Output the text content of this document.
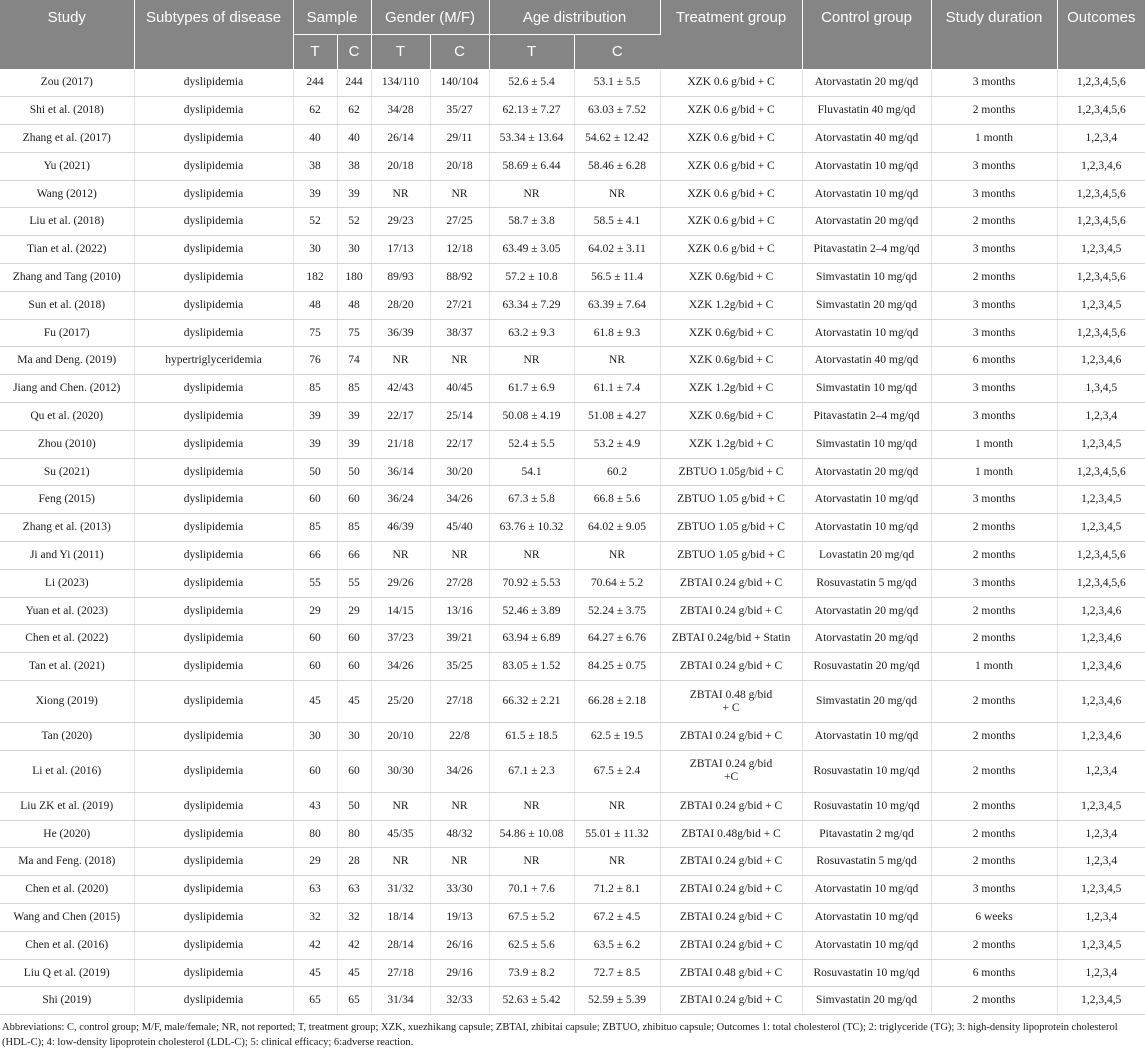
Study	Subtypes of disease	Sample		Gender (M/F)		Age distribution		Treatment group	Control group	Study duration	Outcomes
		T	C	T	C	T	C				
Zou (2017)	dyslipidemia	244	244	134/110	140/104	52.6 ± 5.4	53.1 ± 5.5	XZK 0.6 g/bid + C	Atorvastatin 20 mg/qd	3 months	1,2,3,4,5,6
Shi et al. (2018)	dyslipidemia	62	62	34/28	35/27	62.13 ± 7.27	63.03 ± 7.52	XZK 0.6 g/bid + C	Fluvastatin 40 mg/qd	2 months	1,2,3,4,5,6
Zhang et al. (2017)	dyslipidemia	40	40	26/14	29/11	53.34 ± 13.64	54.62 ± 12.42	XZK 0.6 g/bid + C	Atorvastatin 40 mg/qd	1 month	1,2,3,4
Yu (2021)	dyslipidemia	38	38	20/18	20/18	58.69 ± 6.44	58.46 ± 6.28	XZK 0.6 g/bid + C	Atorvastatin 10 mg/qd	3 months	1,2,3,4,6
Wang (2012)	dyslipidemia	39	39	NR	NR	NR	NR	XZK 0.6 g/bid + C	Atorvastatin 10 mg/qd	3 months	1,2,3,4,5,6
Liu et al. (2018)	dyslipidemia	52	52	29/23	27/25	58.7 ± 3.8	58.5 ± 4.1	XZK 0.6 g/bid + C	Atorvastatin 20 mg/qd	2 months	1,2,3,4,5,6
Tian et al. (2022)	dyslipidemia	30	30	17/13	12/18	63.49 ± 3.05	64.02 ± 3.11	XZK 0.6 g/bid + C	Pitavastatin 2–4 mg/qd	3 months	1,2,3,4,5
Zhang and Tang (2010)	dyslipidemia	182	180	89/93	88/92	57.2 ± 10.8	56.5 ± 11.4	XZK 0.6g/bid + C	Simvastatin 10 mg/qd	2 months	1,2,3,4,5,6
Sun et al. (2018)	dyslipidemia	48	48	28/20	27/21	63.34 ± 7.29	63.39 ± 7.64	XZK 1.2g/bid + C	Simvastatin 20 mg/qd	3 months	1,2,3,4,5
Fu (2017)	dyslipidemia	75	75	36/39	38/37	63.2 ± 9.3	61.8 ± 9.3	XZK 0.6g/bid + C	Atorvastatin 10 mg/qd	3 months	1,2,3,4,5,6
Ma and Deng. (2019)	hypertriglyceridemia	76	74	NR	NR	NR	NR	XZK 0.6g/bid + C	Atorvastatin 40 mg/qd	6 months	1,2,3,4,6
Jiang and Chen. (2012)	dyslipidemia	85	85	42/43	40/45	61.7 ± 6.9	61.1 ± 7.4	XZK 1.2g/bid + C	Simvastatin 10 mg/qd	3 months	1,3,4,5
Qu et al. (2020)	dyslipidemia	39	39	22/17	25/14	50.08 ± 4.19	51.08 ± 4.27	XZK 0.6g/bid + C	Pitavastatin 2–4 mg/qd	3 months	1,2,3,4
Zhou (2010)	dyslipidemia	39	39	21/18	22/17	52.4 ± 5.5	53.2 ± 4.9	XZK 1.2g/bid + C	Simvastatin 10 mg/qd	1 month	1,2,3,4,5
Su (2021)	dyslipidemia	50	50	36/14	30/20	54.1	60.2	ZBTUO 1.05g/bid + C	Atorvastatin 20 mg/qd	1 month	1,2,3,4,5,6
Feng (2015)	dyslipidemia	60	60	36/24	34/26	67.3 ± 5.8	66.8 ± 5.6	ZBTUO 1.05 g/bid + C	Atorvastatin 10 mg/qd	3 months	1,2,3,4,5
Zhang et al. (2013)	dyslipidemia	85	85	46/39	45/40	63.76 ± 10.32	64.02 ± 9.05	ZBTUO 1.05 g/bid + C	Atorvastatin 10 mg/qd	2 months	1,2,3,4,5
Ji and Yi (2011)	dyslipidemia	66	66	NR	NR	NR	NR	ZBTUO 1.05 g/bid + C	Lovastatin 20 mg/qd	2 months	1,2,3,4,5,6
Li (2023)	dyslipidemia	55	55	29/26	27/28	70.92 ± 5.53	70.64 ± 5.2	ZBTAI 0.24 g/bid + C	Rosuvastatin 5 mg/qd	3 months	1,2,3,4,5,6
Yuan et al. (2023)	dyslipidemia	29	29	14/15	13/16	52.46 ± 3.89	52.24 ± 3.75	ZBTAI 0.24 g/bid + C	Atorvastatin 20 mg/qd	2 months	1,2,3,4,6
Chen et al. (2022)	dyslipidemia	60	60	37/23	39/21	63.94 ± 6.89	64.27 ± 6.76	ZBTAI 0.24g/bid + Statin	Atorvastatin 20 mg/qd	2 months	1,2,3,4,6
Tan et al. (2021)	dyslipidemia	60	60	34/26	35/25	83.05 ± 1.52	84.25 ± 0.75	ZBTAI 0.24 g/bid + C	Rosuvastatin 20 mg/qd	1 month	1,2,3,4,6
Xiong (2019)	dyslipidemia	45	45	25/20	27/18	66.32 ± 2.21	66.28 ± 2.18	ZBTAI 0.48 g/bid
+ C	Simvastatin 20 mg/qd	2 months	1,2,3,4,6
Tan (2020)	dyslipidemia	30	30	20/10	22/8	61.5 ± 18.5	62.5 ± 19.5	ZBTAI 0.24 g/bid + C	Atorvastatin 10 mg/qd	2 months	1,2,3,4,6
Li et al. (2016)	dyslipidemia	60	60	30/30	34/26	67.1 ± 2.3	67.5 ± 2.4	ZBTAI 0.24 g/bid
+C	Rosuvastatin 10 mg/qd	2 months	1,2,3,4
Liu ZK et al. (2019)	dyslipidemia	43	50	NR	NR	NR	NR	ZBTAI 0.24 g/bid + C	Rosuvastatin 10 mg/qd	2 months	1,2,3,4,5
He (2020)	dyslipidemia	80	80	45/35	48/32	54.86 ± 10.08	55.01 ± 11.32	ZBTAI 0.48g/bid + C	Pitavastatin 2 mg/qd	2 months	1,2,3,4
Ma and Feng. (2018)	dyslipidemia	29	28	NR	NR	NR	NR	ZBTAI 0.24 g/bid + C	Rosuvastatin 5 mg/qd	2 months	1,2,3,4
Chen et al. (2020)	dyslipidemia	63	63	31/32	33/30	70.1 + 7.6	71.2 ± 8.1	ZBTAI 0.24 g/bid + C	Atorvastatin 10 mg/qd	3 months	1,2,3,4,5
Wang and Chen (2015)	dyslipidemia	32	32	18/14	19/13	67.5 ± 5.2	67.2 ± 4.5	ZBTAI 0.24 g/bid + C	Atorvastatin 10 mg/qd	6 weeks	1,2,3,4
Chen et al. (2016)	dyslipidemia	42	42	28/14	26/16	62.5 ± 5.6	63.5 ± 6.2	ZBTAI 0.24 g/bid + C	Atorvastatin 10 mg/qd	2 months	1,2,3,4,5
Liu Q et al. (2019)	dyslipidemia	45	45	27/18	29/16	73.9 ± 8.2	72.7 ± 8.5	ZBTAI 0.48 g/bid + C	Rosuvastatin 10 mg/qd	6 months	1,2,3,4
Shi (2019)	dyslipidemia	65	65	31/34	32/33	52.63 ± 5.42	52.59 ± 5.39	ZBTAI 0.24 g/bid + C	Simvastatin 20 mg/qd	2 months	1,2,3,4,5
Abbreviations: C, control group; M/F, male/female; NR, not reported; T, treatment group; XZK, xuezhikang capsule; ZBTAI, zhibitai capsule; ZBTUO, zhibituo capsule; Outcomes 1: total cholesterol (TC); 2: triglyceride (TG); 3: high-density lipoprotein cholesterol (HDL-C); 4: low-density lipoprotein cholesterol (LDL-C); 5: clinical efficacy; 6:adverse reaction.
